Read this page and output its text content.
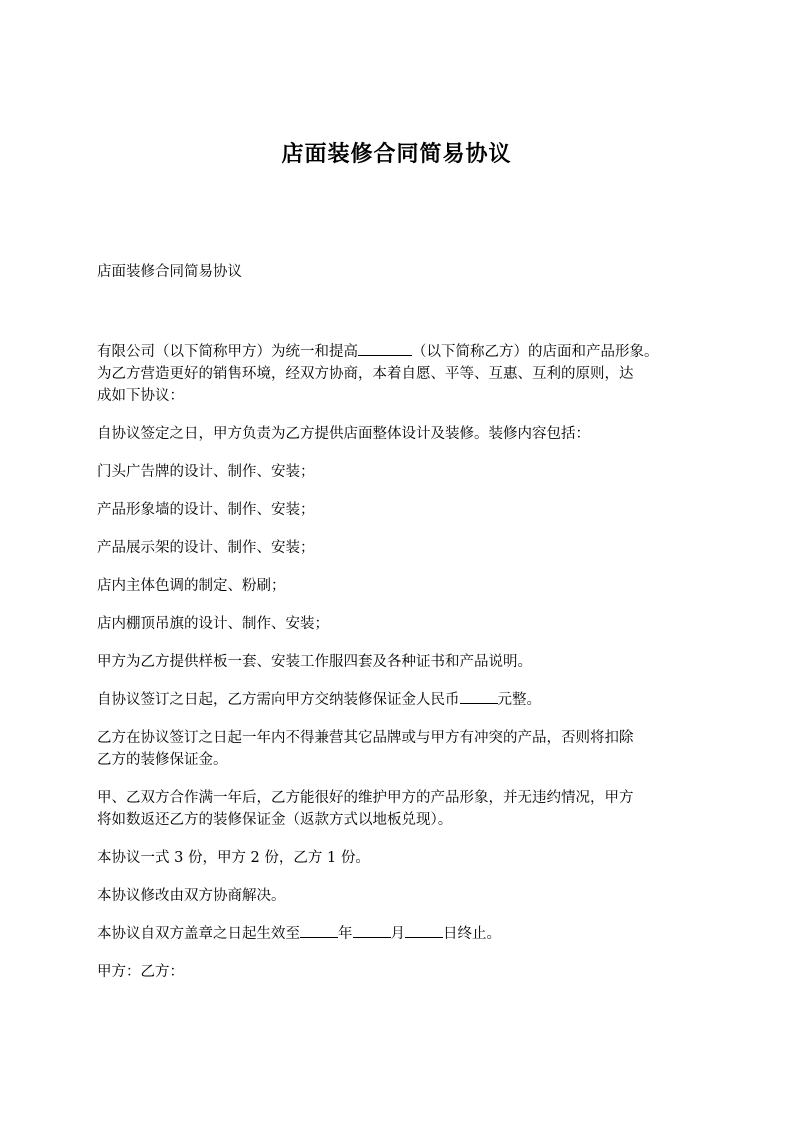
店面装修合同简易协议
店面装修合同简易协议

有限公司（以下简称甲方）为统一和提高	（以下简称乙方）的店面和产品形象。
为乙方营造更好的销售环境，经双方协商，本着自愿、平等、互惠、互利的原则，达
成如下协议：

自协议签定之日，甲方负责为乙方提供店面整体设计及装修。装修内容包括：

门头广告牌的设计、制作、安装；

产品形象墙的设计、制作、安装；

产品展示架的设计、制作、安装；

店内主体色调的制定、粉刷；

店内棚顶吊旗的设计、制作、安装；

甲方为乙方提供样板一套、安装工作服四套及各种证书和产品说明。

自协议签订之日起，乙方需向甲方交纳装修保证金人民币	元整。

乙方在协议签订之日起一年内不得兼营其它品牌或与甲方有冲突的产品，否则将扣除
乙方的装修保证金。

甲、乙双方合作满一年后，乙方能很好的维护甲方的产品形象，并无违约情况，甲方
将如数返还乙方的装修保证金（返款方式以地板兑现）。

本协议一式 3 份，甲方 2 份，乙方 1 份。

本协议修改由双方协商解决。

本协议自双方盖章之日起生效至	年	月	日终止。

甲方：乙方：
